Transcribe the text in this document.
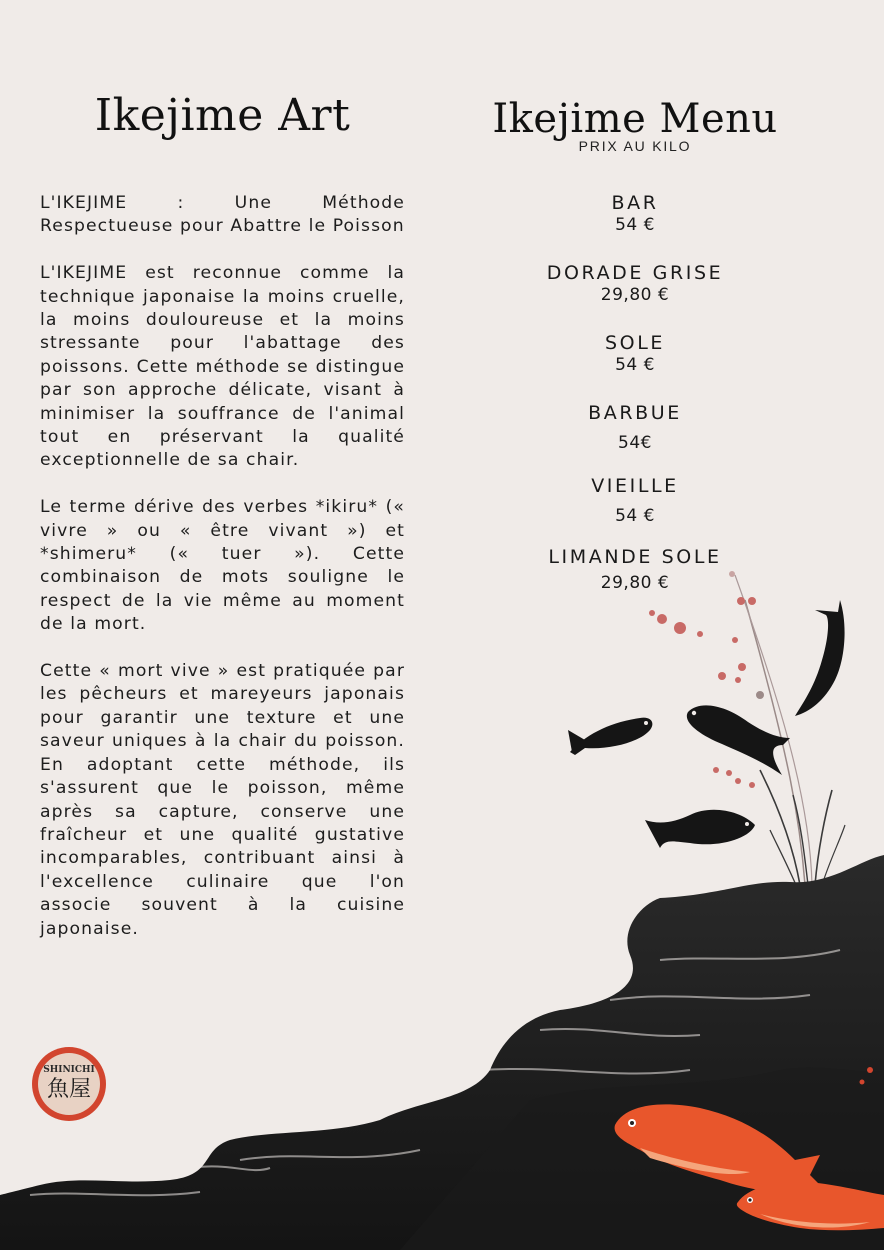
Ikejime Art	Ikejime Menu
PRIX AU KILO

L'IKEJIME : Une Méthode Respectueuse pour Abattre le Poisson

L'IKEJIME est reconnue comme la technique japonaise la moins cruelle, la moins douloureuse et la moins stressante pour l'abattage des poissons. Cette méthode se distingue par son approche délicate, visant à minimiser la souffrance de l'animal tout en préservant la qualité exceptionnelle de sa chair.

Le terme dérive des verbes *ikiru* (« vivre » ou « être vivant ») et *shimeru* (« tuer »). Cette combinaison de mots souligne le respect de la vie même au moment de la mort.

Cette « mort vive » est pratiquée par les pêcheurs et mareyeurs japonais pour garantir une texture et une saveur uniques à la chair du poisson. En adoptant cette méthode, ils s'assurent que le poisson, même après sa capture, conserve une fraîcheur et une qualité gustative incomparables, contribuant ainsi à l'excellence culinaire que l'on associe souvent à la cuisine japonaise.

BAR
54 €
DORADE GRISE
29,80 €
SOLE
54 €
BARBUE
54€
VIEILLE
54 €
LIMANDE SOLE
29,80 €
SHINICHI
魚屋
